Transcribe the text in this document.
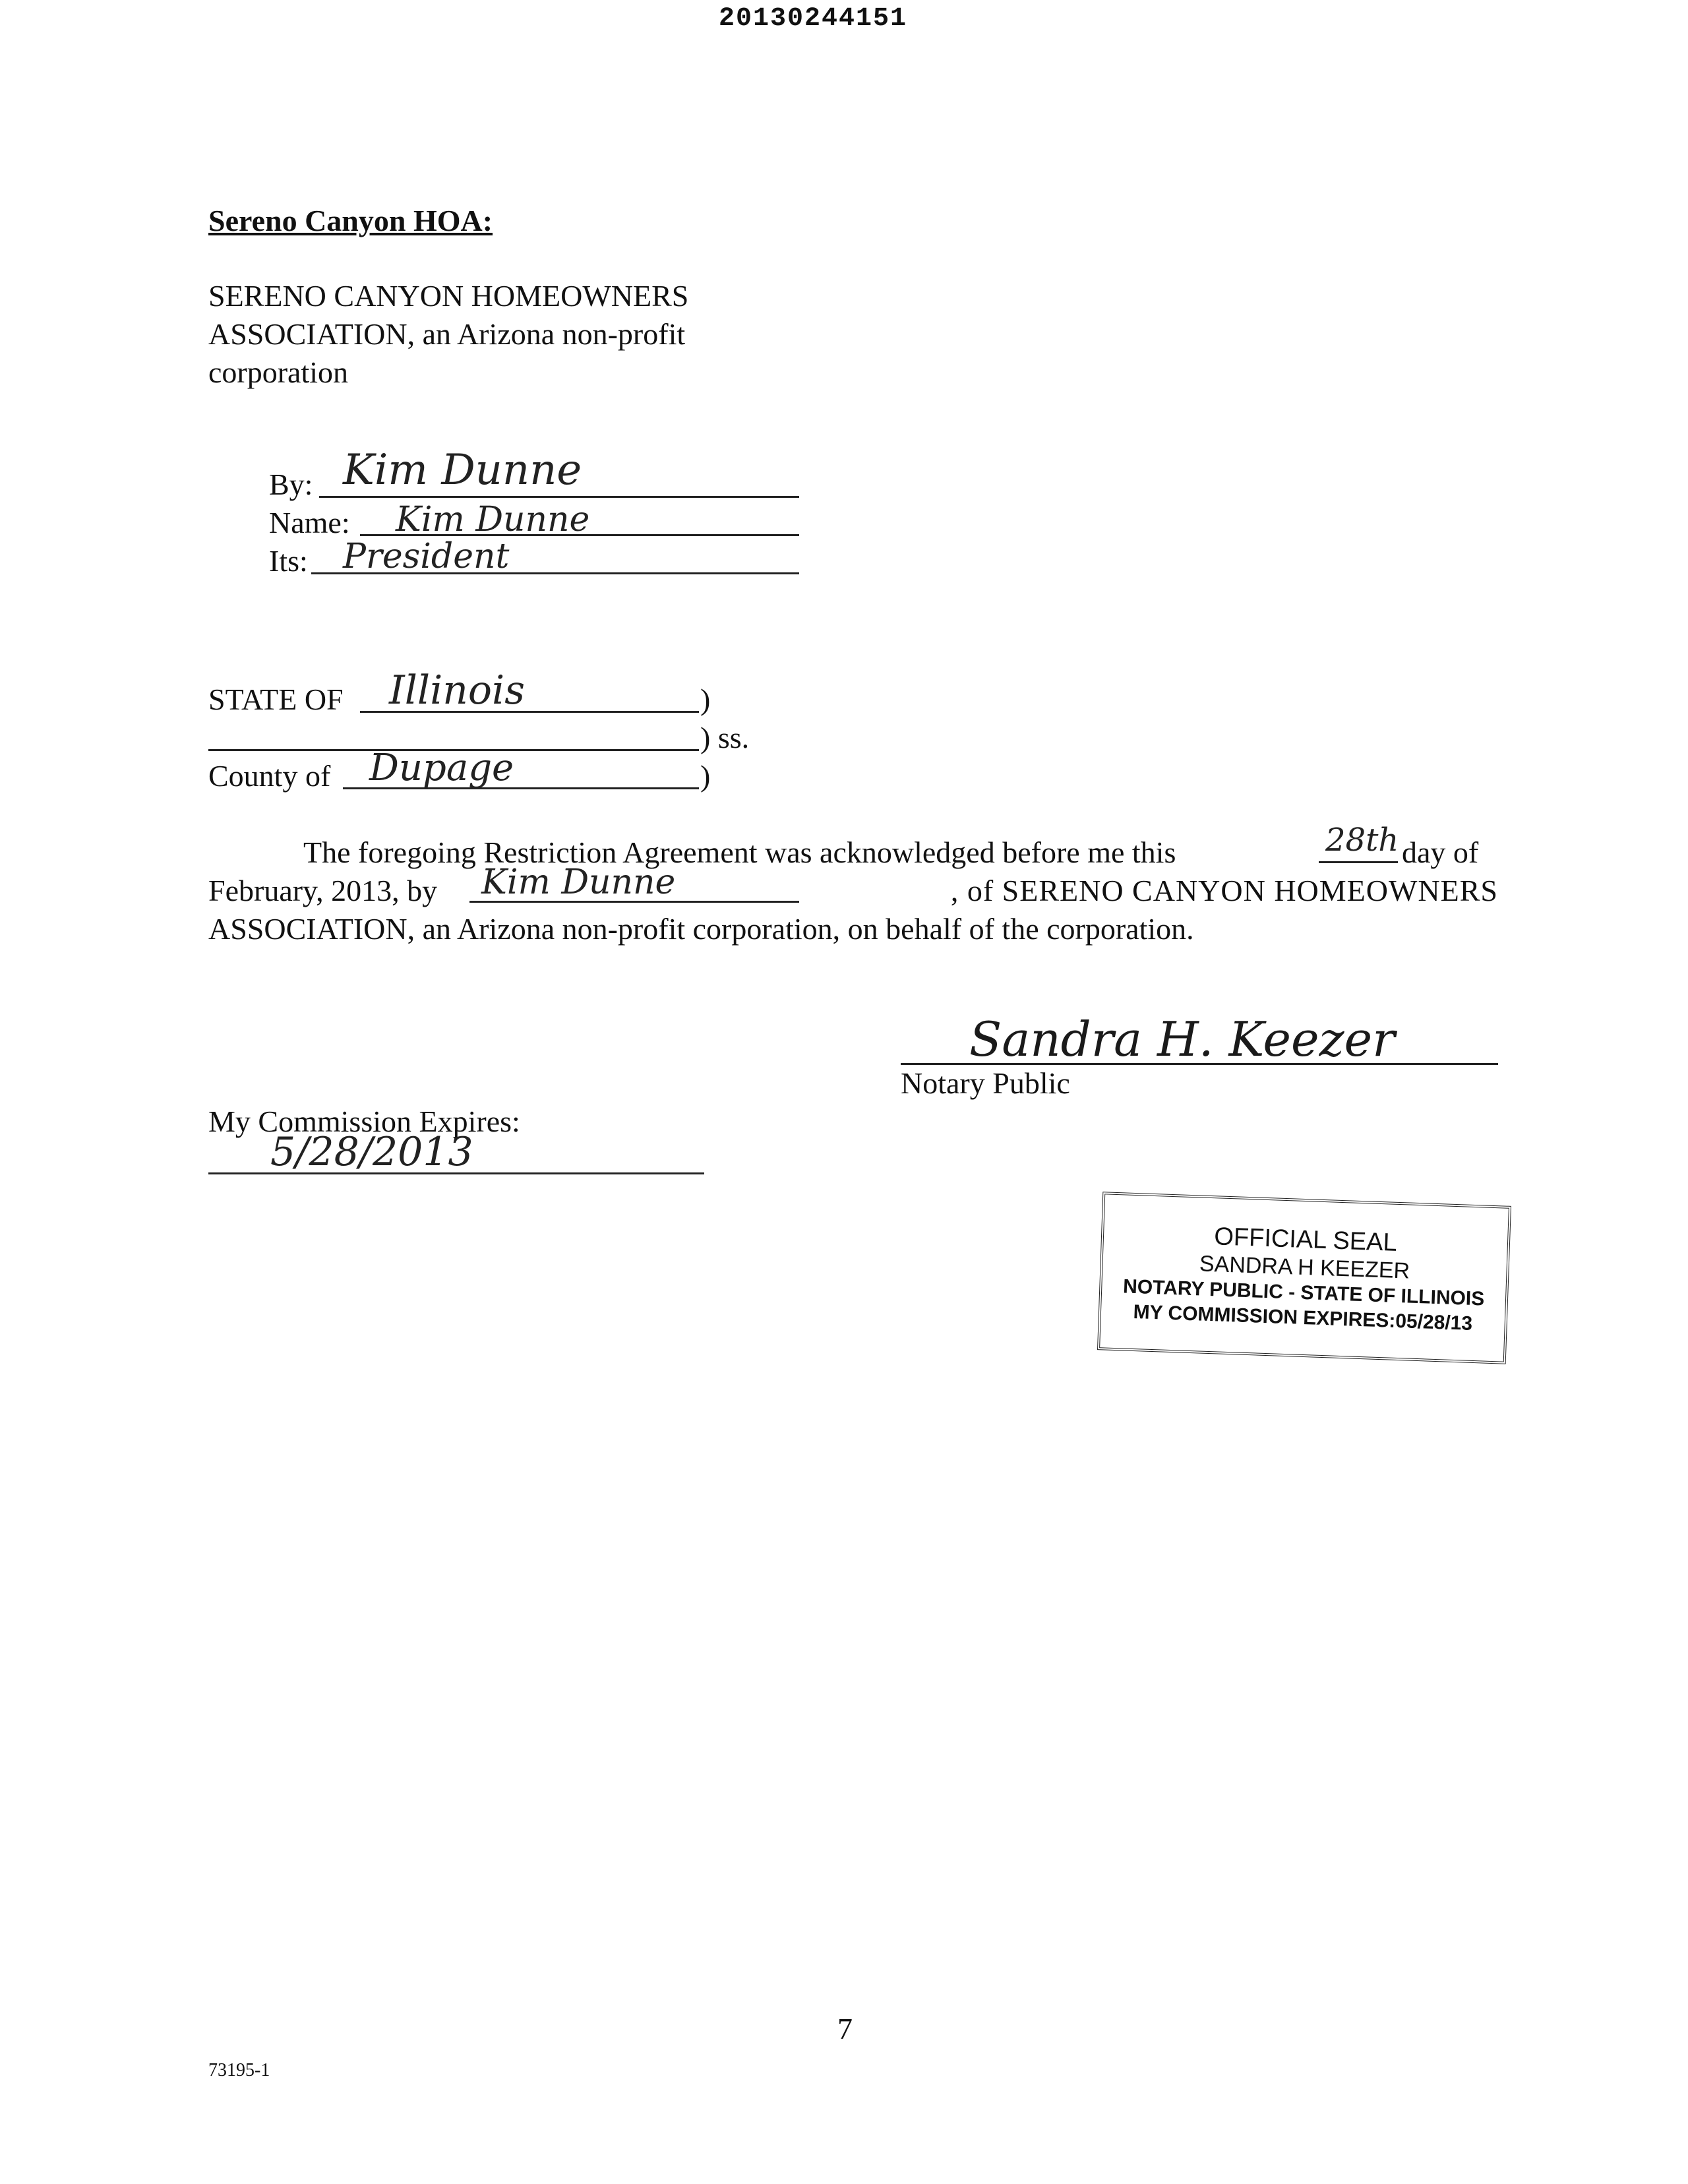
20130244151
Sereno Canyon HOA:
SERENO CANYON HOMEOWNERS
ASSOCIATION, an Arizona non-profit
corporation
By: Kim Dunne
Name: Kim Dunne
Its: President
STATE OF Illinois	)
) ss.
County of Dupage	)
The foregoing Restriction Agreement was acknowledged before me this	28th day of
February, 2013, by Kim Dunne	, of SERENO CANYON HOMEOWNERS
ASSOCIATION, an Arizona non-profit corporation, on behalf of the corporation.
Sandra H. Keezer
Notary Public
My Commission Expires:
5/28/2013
OFFICIAL SEAL
SANDRA H KEEZER
NOTARY PUBLIC - STATE OF ILLINOIS
MY COMMISSION EXPIRES:05/28/13
7
73195-1
